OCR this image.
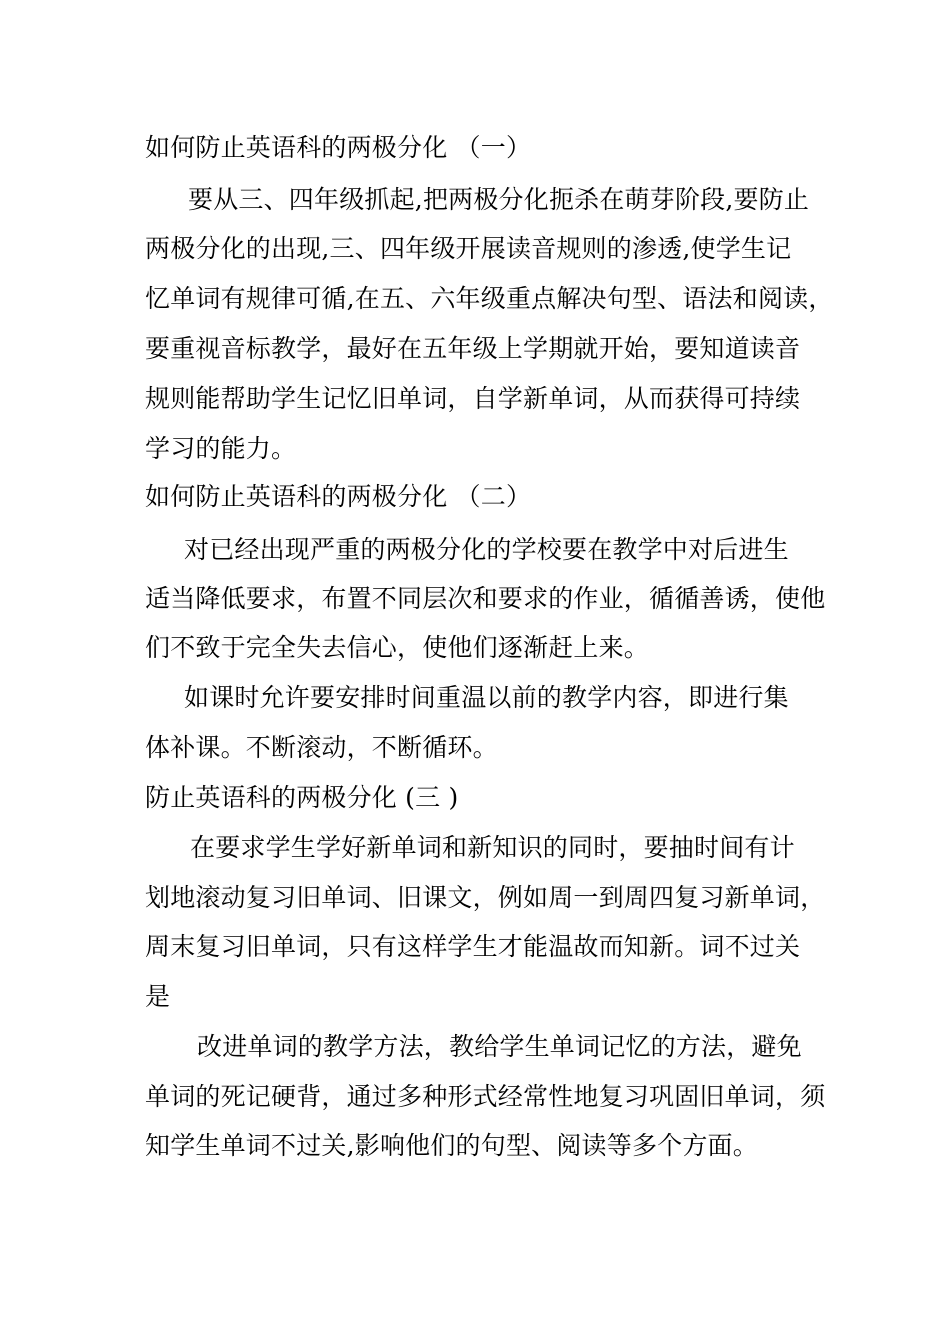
如何防止英语科的两极分化 （一）
要从三、四年级抓起,把两极分化扼杀在萌芽阶段,要防止
两极分化的出现,三、四年级开展读音规则的渗透,使学生记
忆单词有规律可循,在五、六年级重点解决句型、语法和阅读，
要重视音标教学，最好在五年级上学期就开始，要知道读音
规则能帮助学生记忆旧单词，自学新单词，从而获得可持续
学习的能力。
如何防止英语科的两极分化 （二）
对已经出现严重的两极分化的学校要在教学中对后进生
适当降低要求，布置不同层次和要求的作业，循循善诱，使他
们不致于完全失去信心，使他们逐渐赶上来。
如课时允许要安排时间重温以前的教学内容，即进行集
体补课。不断滚动，不断循环。
防止英语科的两极分化 (三 )
在要求学生学好新单词和新知识的同时，要抽时间有计
划地滚动复习旧单词、旧课文，例如周一到周四复习新单词，
周末复习旧单词，只有这样学生才能温故而知新。词不过关
是
改进单词的教学方法，教给学生单词记忆的方法，避免
单词的死记硬背，通过多种形式经常性地复习巩固旧单词，须
知学生单词不过关,影响他们的句型、阅读等多个方面。
